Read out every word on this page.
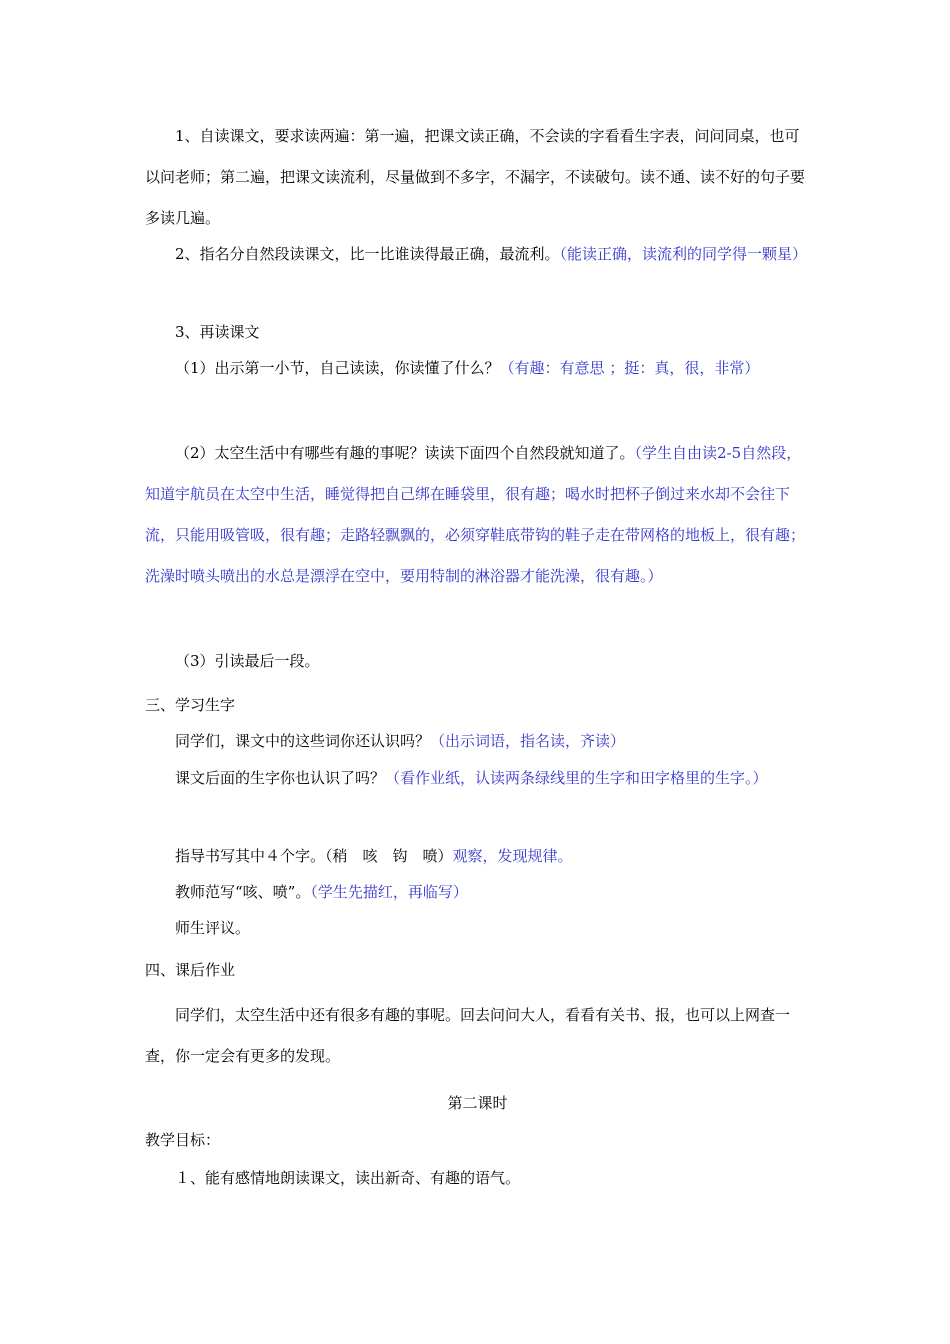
1、自读课文，要求读两遍：第一遍，把课文读正确，不会读的字看看生字表，问问同桌，也可以问老师；第二遍，把课文读流利，尽量做到不多字，不漏字，不读破句。读不通、读不好的句子要多读几遍。

2、指名分自然段读课文，比一比谁读得最正确，最流利。（能读正确，读流利的同学得一颗星）

3、再读课文

（1）出示第一小节，自己读读，你读懂了什么？（有趣：有意思 ；挺：真，很，非常）

（2）太空生活中有哪些有趣的事呢？读读下面四个自然段就知道了。（学生自由读2-5自然段，知道宇航员在太空中生活，睡觉得把自己绑在睡袋里，很有趣；喝水时把杯子倒过来水却不会往下流，只能用吸管吸，很有趣；走路轻飘飘的，必须穿鞋底带钩的鞋子走在带网格的地板上，很有趣；洗澡时喷头喷出的水总是漂浮在空中，要用特制的淋浴器才能洗澡，很有趣。）

（3）引读最后一段。

三、学习生字

同学们，课文中的这些词你还认识吗？（出示词语，指名读，齐读）

课文后面的生字你也认识了吗？（看作业纸，认读两条绿线里的生字和田字格里的生字。）

指导书写其中４个字。（稍　咳　钩　喷）观察，发现规律。

教师范写“咳、喷”。（学生先描红，再临写）

师生评议。

四、课后作业

同学们，太空生活中还有很多有趣的事呢。回去问问大人，看看有关书、报，也可以上网查一查，你一定会有更多的发现。

第二课时

教学目标：

１、能有感情地朗读课文，读出新奇、有趣的语气。
